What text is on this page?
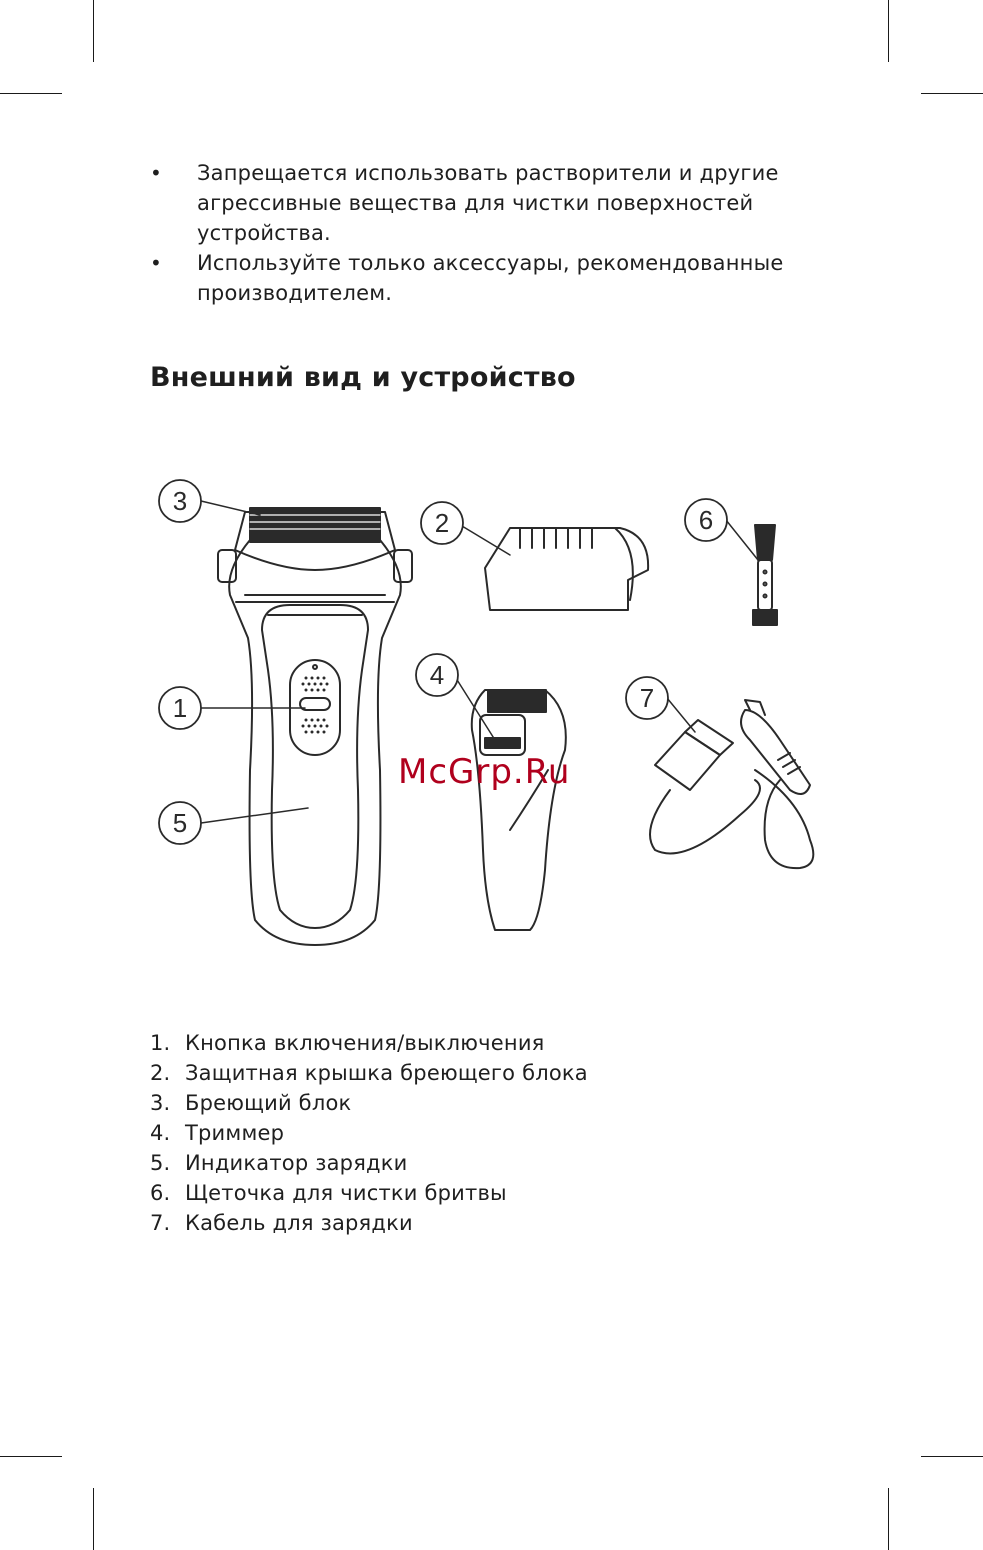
• Запрещается использовать растворители и другие агрессивные вещества для чистки поверхностей устройства.
• Используйте только аксессуары, рекомендованные производителем.
Внешний вид и устройство
3
2	6
4
1
5
7
McGrp.Ru
1. Кнопка включения/выключения
2. Защитная крышка бреющего блока
3. Бреющий блок
4. Триммер
5. Индикатор зарядки
6. Щеточка для чистки бритвы
7. Кабель для зарядки
